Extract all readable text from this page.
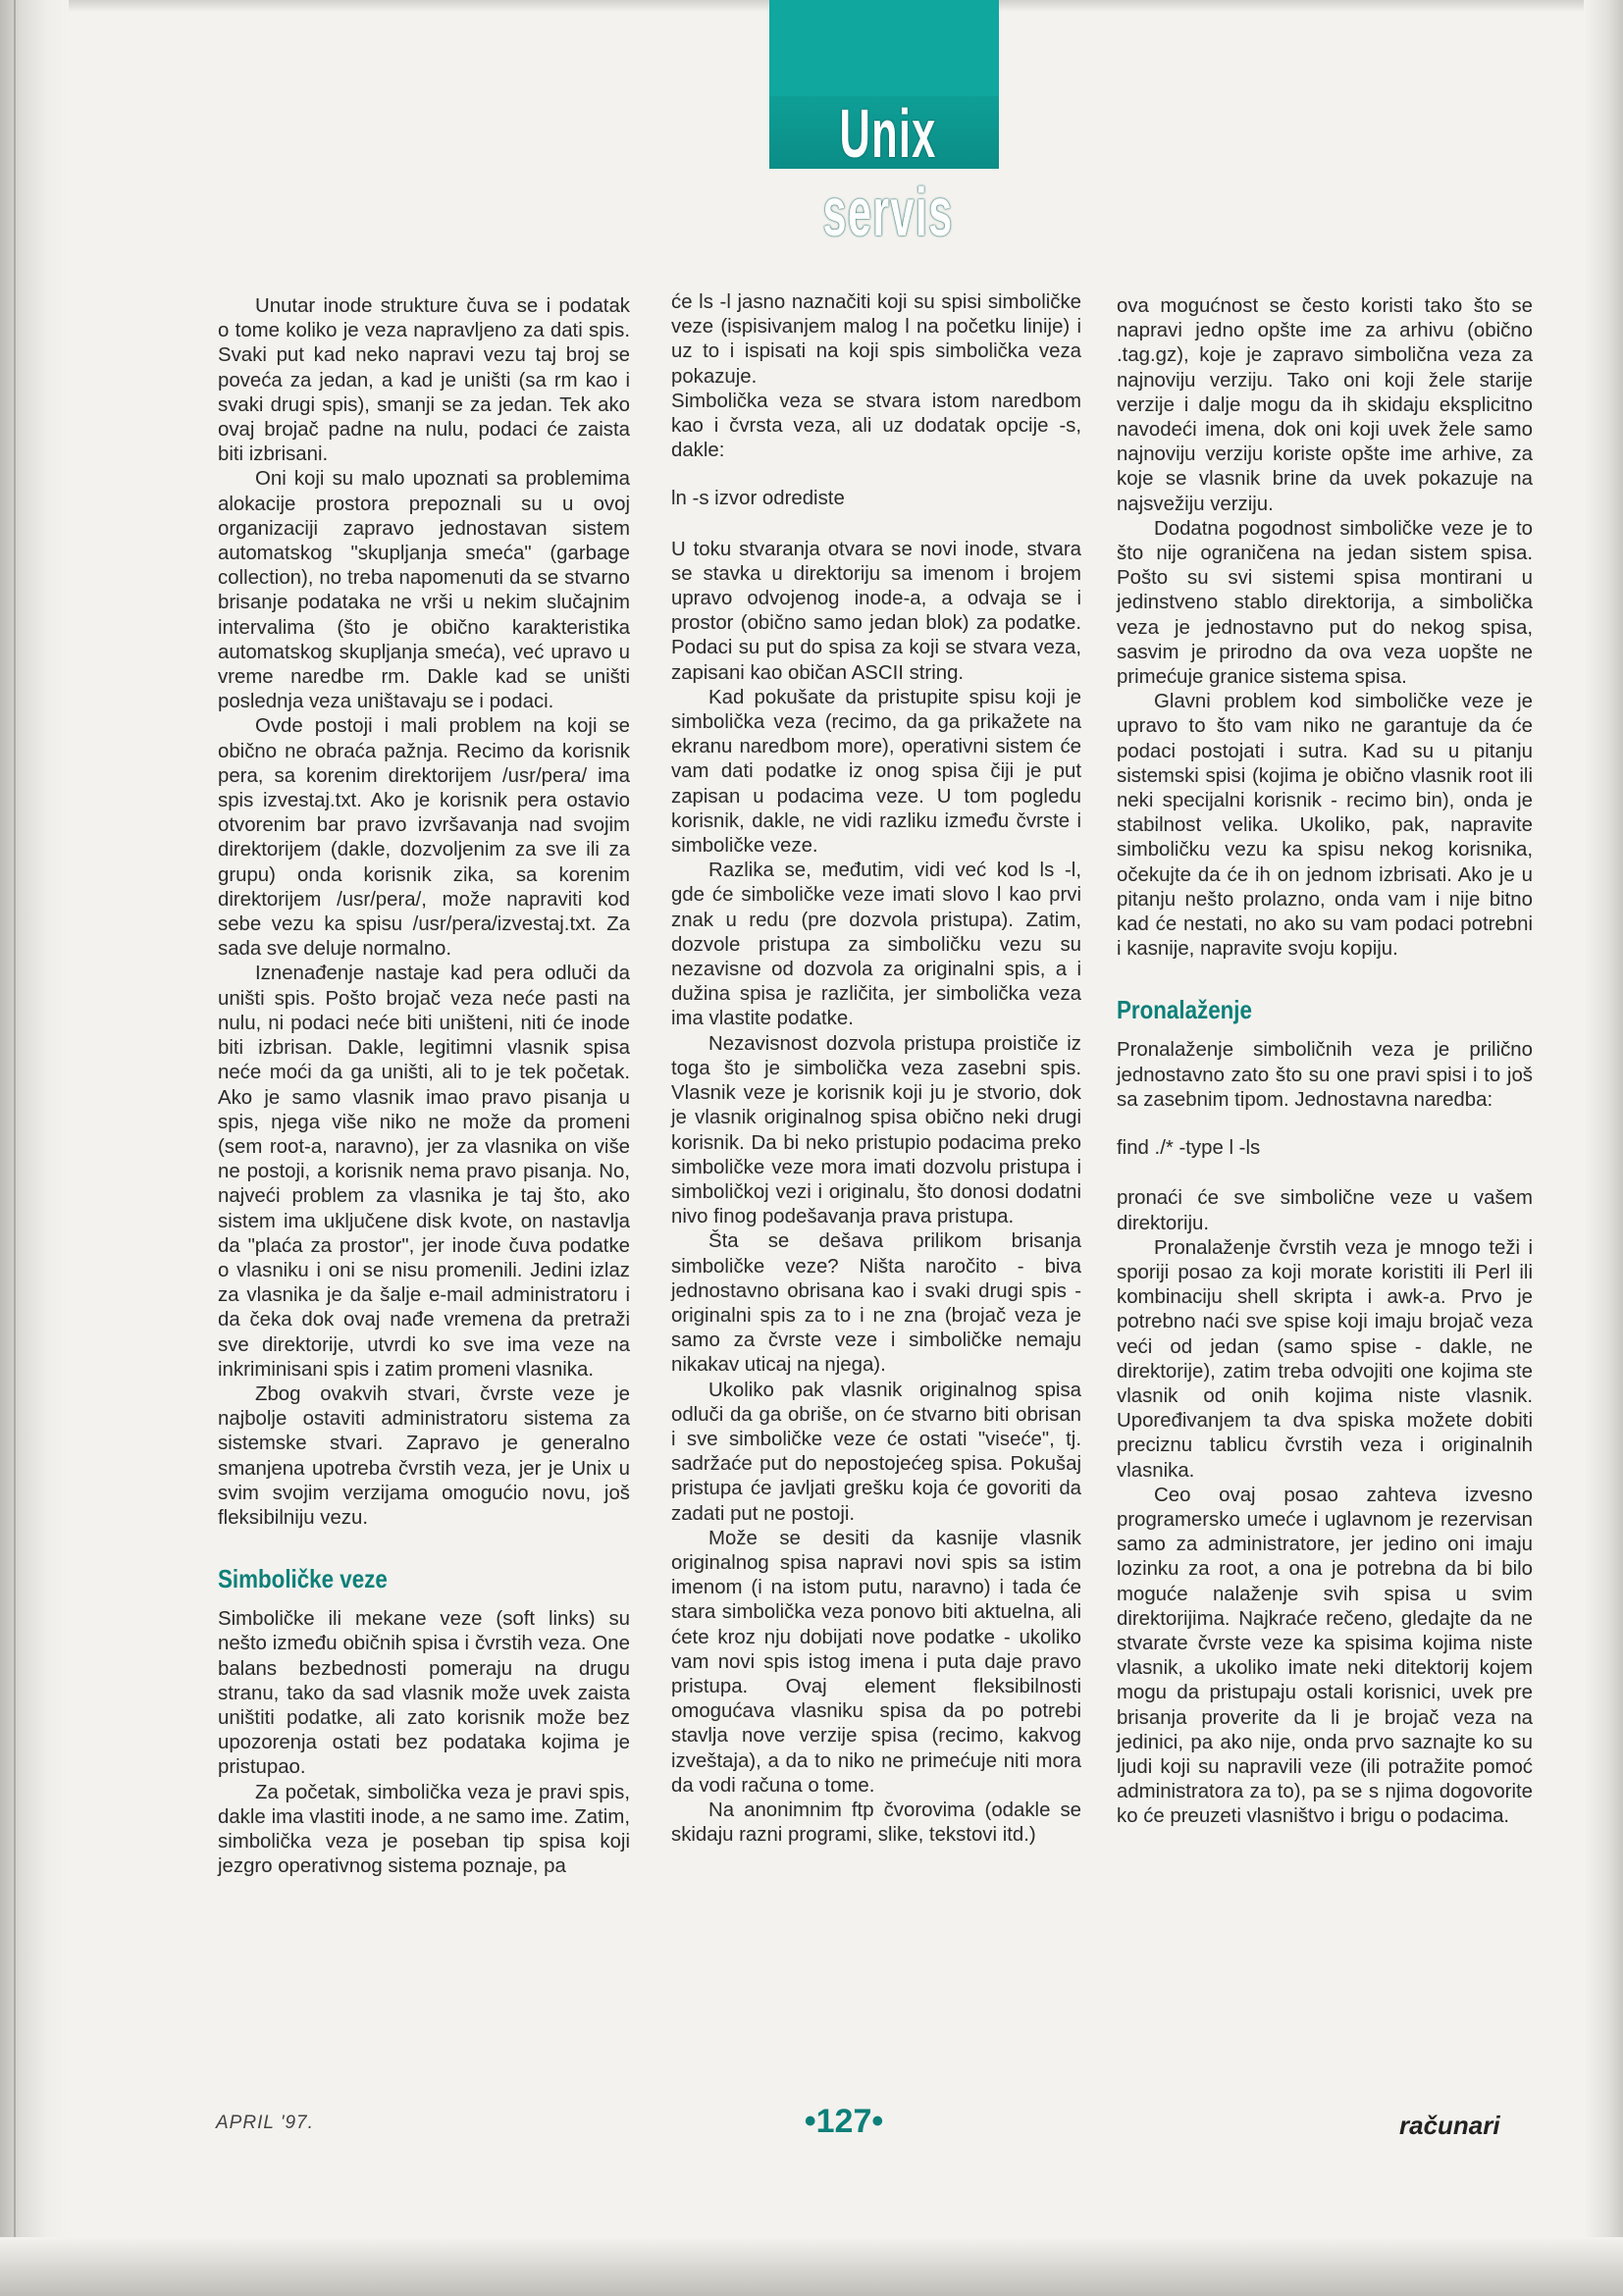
Unix servis

Unutar inode strukture čuva se i podatak o tome koliko je veza napravljeno za dati spis. Svaki put kad neko napravi vezu taj broj se poveća za jedan, a kad je uništi (sa rm kao i svaki drugi spis), smanji se za jedan. Tek ako ovaj brojač padne na nulu, podaci će zaista biti izbrisani.

Oni koji su malo upoznati sa problemima alokacije prostora prepoznali su u ovoj organizaciji zapravo jednostavan sistem automatskog "skupljanja smeća" (garbage collection), no treba napomenuti da se stvarno brisanje podataka ne vrši u nekim slučajnim intervalima (što je obično karakteristika automatskog skupljanja smeća), već upravo u vreme naredbe rm. Dakle kad se uništi poslednja veza uništavaju se i podaci.

Ovde postoji i mali problem na koji se obično ne obraća pažnja. Recimo da korisnik pera, sa korenim direktorijem /usr/pera/ ima spis izvestaj.txt. Ako je korisnik pera ostavio otvorenim bar pravo izvršavanja nad svojim direktorijem (dakle, dozvoljenim za sve ili za grupu) onda korisnik zika, sa korenim direktorijem /usr/pera/, može napraviti kod sebe vezu ka spisu /usr/pera/izvestaj.txt. Za sada sve deluje normalno.

Iznenađenje nastaje kad pera odluči da uništi spis. Pošto brojač veza neće pasti na nulu, ni podaci neće biti uništeni, niti će inode biti izbrisan. Dakle, legitimni vlasnik spisa neće moći da ga uništi, ali to je tek početak. Ako je samo vlasnik imao pravo pisanja u spis, njega više niko ne može da promeni (sem root-a, naravno), jer za vlasnika on više ne postoji, a korisnik nema pravo pisanja. No, najveći problem za vlasnika je taj što, ako sistem ima uključene disk kvote, on nastavlja da "plaća za prostor", jer inode čuva podatke o vlasniku i oni se nisu promenili. Jedini izlaz za vlasnika je da šalje e-mail administratoru i da čeka dok ovaj nađe vremena da pretraži sve direktorije, utvrdi ko sve ima veze na inkriminisani spis i zatim promeni vlasnika.

Zbog ovakvih stvari, čvrste veze je najbolje ostaviti administratoru sistema za sistemske stvari. Zapravo je generalno smanjena upotreba čvrstih veza, jer je Unix u svim svojim verzijama omogućio novu, još fleksibilniju vezu.

Simboličke veze

Simboličke ili mekane veze (soft links) su nešto između običnih spisa i čvrstih veza. One balans bezbednosti pomeraju na drugu stranu, tako da sad vlasnik može uvek zaista uništiti podatke, ali zato korisnik može bez upozorenja ostati bez podataka kojima je pristupao.

Za početak, simbolička veza je pravi spis, dakle ima vlastiti inode, a ne samo ime. Zatim, simbolička veza je poseban tip spisa koji jezgro operativnog sistema poznaje, pa

će ls -l jasno naznačiti koji su spisi simboličke veze (ispisivanjem malog l na početku linije) i uz to i ispisati na koji spis simbolička veza pokazuje.

Simbolička veza se stvara istom naredbom kao i čvrsta veza, ali uz dodatak opcije -s, dakle:

ln -s izvor odrediste

U toku stvaranja otvara se novi inode, stvara se stavka u direktoriju sa imenom i brojem upravo odvojenog inode-a, a odvaja se i prostor (obično samo jedan blok) za podatke. Podaci su put do spisa za koji se stvara veza, zapisani kao običan ASCII string.

Kad pokušate da pristupite spisu koji je simbolička veza (recimo, da ga prikažete na ekranu naredbom more), operativni sistem će vam dati podatke iz onog spisa čiji je put zapisan u podacima veze. U tom pogledu korisnik, dakle, ne vidi razliku između čvrste i simboličke veze.

Razlika se, međutim, vidi već kod ls -l, gde će simboličke veze imati slovo l kao prvi znak u redu (pre dozvola pristupa). Zatim, dozvole pristupa za simboličku vezu su nezavisne od dozvola za originalni spis, a i dužina spisa je različita, jer simbolička veza ima vlastite podatke.

Nezavisnost dozvola pristupa proističe iz toga što je simbolička veza zasebni spis. Vlasnik veze je korisnik koji ju je stvorio, dok je vlasnik originalnog spisa obično neki drugi korisnik. Da bi neko pristupio podacima preko simboličke veze mora imati dozvolu pristupa i simboličkoj vezi i originalu, što donosi dodatni nivo finog podešavanja prava pristupa.

Šta se dešava prilikom brisanja simboličke veze? Ništa naročito - biva jednostavno obrisana kao i svaki drugi spis - originalni spis za to i ne zna (brojač veza je samo za čvrste veze i simboličke nemaju nikakav uticaj na njega).

Ukoliko pak vlasnik originalnog spisa odluči da ga obriše, on će stvarno biti obrisan i sve simboličke veze će ostati "viseće", tj. sadržaće put do nepostojećeg spisa. Pokušaj pristupa će javljati grešku koja će govoriti da zadati put ne postoji.

Može se desiti da kasnije vlasnik originalnog spisa napravi novi spis sa istim imenom (i na istom putu, naravno) i tada će stara simbolička veza ponovo biti aktuelna, ali ćete kroz nju dobijati nove podatke - ukoliko vam novi spis istog imena i puta daje pravo pristupa. Ovaj element fleksibilnosti omogućava vlasniku spisa da po potrebi stavlja nove verzije spisa (recimo, kakvog izveštaja), a da to niko ne primećuje niti mora da vodi računa o tome.

Na anonimnim ftp čvorovima (odakle se skidaju razni programi, slike, tekstovi itd.)

ova mogućnost se često koristi tako što se napravi jedno opšte ime za arhivu (obično .tag.gz), koje je zapravo simbolična veza za najnoviju verziju. Tako oni koji žele starije verzije i dalje mogu da ih skidaju eksplicitno navodeći imena, dok oni koji uvek žele samo najnoviju verziju koriste opšte ime arhive, za koje se vlasnik brine da uvek pokazuje na najsvežiju verziju.

Dodatna pogodnost simboličke veze je to što nije ograničena na jedan sistem spisa. Pošto su svi sistemi spisa montirani u jedinstveno stablo direktorija, a simbolička veza je jednostavno put do nekog spisa, sasvim je prirodno da ova veza uopšte ne primećuje granice sistema spisa.

Glavni problem kod simboličke veze je upravo to što vam niko ne garantuje da će podaci postojati i sutra. Kad su u pitanju sistemski spisi (kojima je obično vlasnik root ili neki specijalni korisnik - recimo bin), onda je stabilnost velika. Ukoliko, pak, napravite simboličku vezu ka spisu nekog korisnika, očekujte da će ih on jednom izbrisati. Ako je u pitanju nešto prolazno, onda vam i nije bitno kad će nestati, no ako su vam podaci potrebni i kasnije, napravite svoju kopiju.

Pronalaženje

Pronalaženje simboličnih veza je prilično jednostavno zato što su one pravi spisi i to još sa zasebnim tipom. Jednostavna naredba:

find ./* -type l -ls

pronaći će sve simbolične veze u vašem direktoriju.

Pronalaženje čvrstih veza je mnogo teži i sporiji posao za koji morate koristiti ili Perl ili kombinaciju shell skripta i awk-a. Prvo je potrebno naći sve spise koji imaju brojač veza veći od jedan (samo spise - dakle, ne direktorije), zatim treba odvojiti one kojima ste vlasnik od onih kojima niste vlasnik. Upoređivanjem ta dva spiska možete dobiti preciznu tablicu čvrstih veza i originalnih vlasnika.

Ceo ovaj posao zahteva izvesno programersko umeće i uglavnom je rezervisan samo za administratore, jer jedino oni imaju lozinku za root, a ona je potrebna da bi bilo moguće nalaženje svih spisa u svim direktorijima. Najkraće rečeno, gledajte da ne stvarate čvrste veze ka spisima kojima niste vlasnik, a ukoliko imate neki ditektorij kojem mogu da pristupaju ostali korisnici, uvek pre brisanja proverite da li je brojač veza na jedinici, pa ako nije, onda prvo saznajte ko su ljudi koji su napravili veze (ili potražite pomoć administratora za to), pa se s njima dogovorite ko će preuzeti vlasništvo i brigu o podacima.

APRIL '97.	•127•	računari
